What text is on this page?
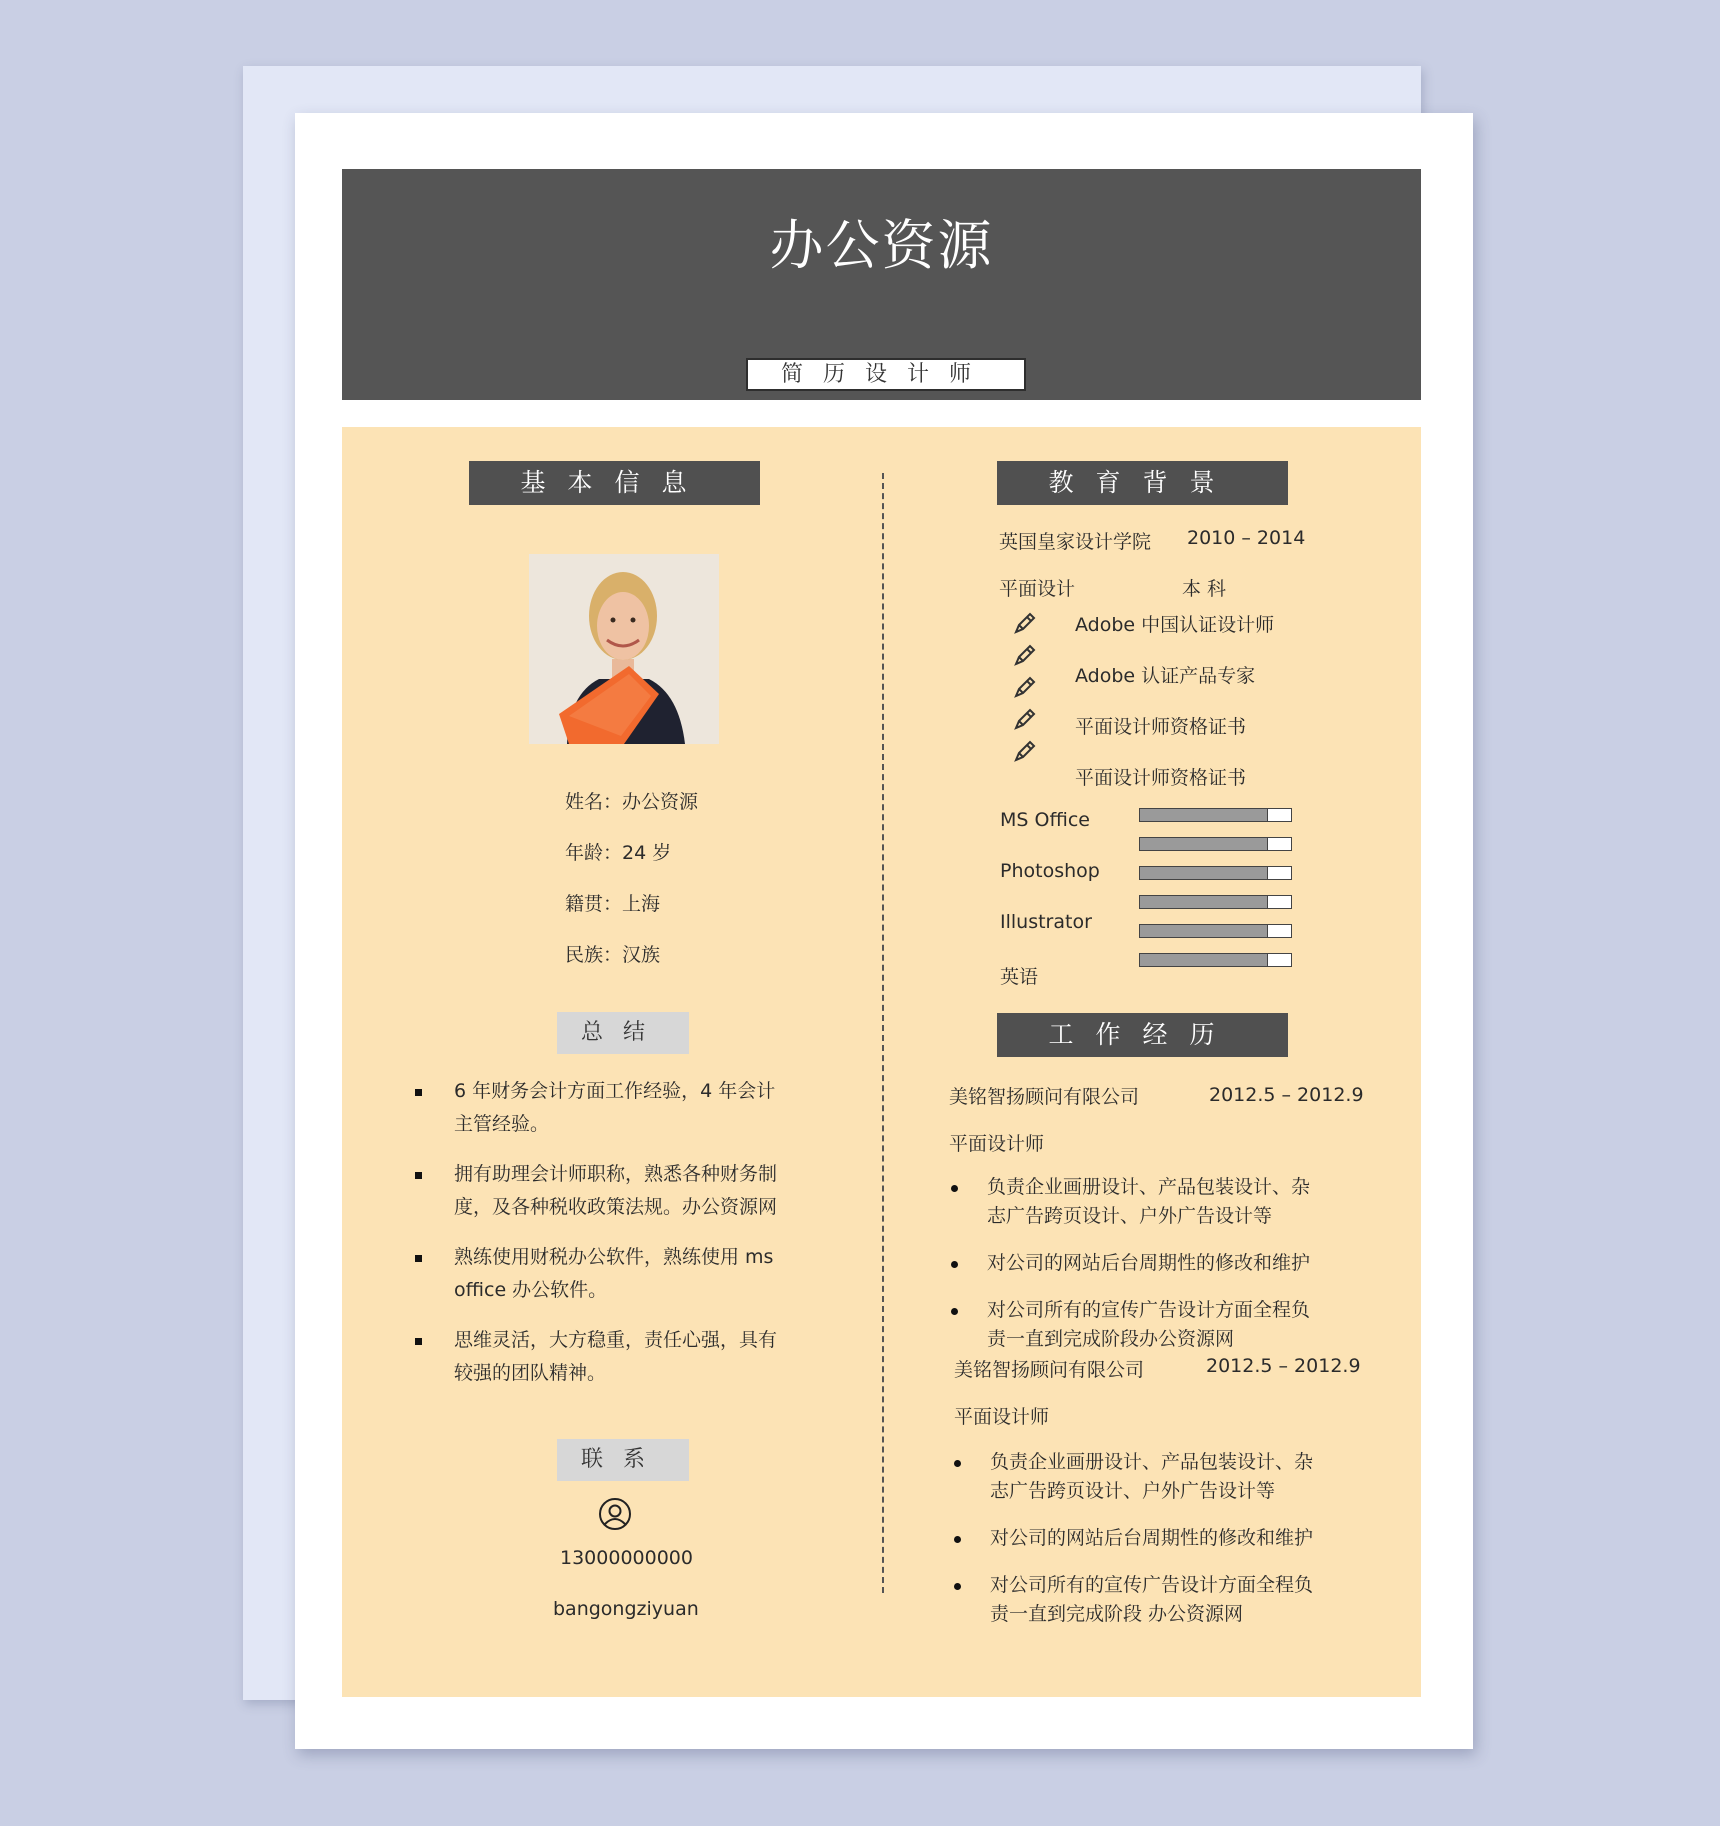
办公资源
简历设计师
基本信息
姓名：办公资源
年龄：24 岁
籍贯：上海
民族：汉族
总结
6 年财务会计方面工作经验，4 年会计主管经验。
拥有助理会计师职称，熟悉各种财务制度，及各种税收政策法规。办公资源网
熟练使用财税办公软件，熟练使用 ms office 办公软件。
思维灵活，大方稳重，责任心强，具有较强的团队精神。
联系
13000000000
bangongziyuan
教育背景
英国皇家设计学院 2010 – 2014
平面设计	本 科
Adobe 中国认证设计师
Adobe 认证产品专家
平面设计师资格证书
平面设计师资格证书
MS Office
Photoshop
Illustrator
英语
工作经历
美铭智扬顾问有限公司	2012.5 – 2012.9
平面设计师
负责企业画册设计、产品包装设计、杂志广告跨页设计、户外广告设计等
对公司的网站后台周期性的修改和维护
对公司所有的宣传广告设计方面全程负责一直到完成阶段办公资源网
美铭智扬顾问有限公司	2012.5 – 2012.9
平面设计师
负责企业画册设计、产品包装设计、杂志广告跨页设计、户外广告设计等
对公司的网站后台周期性的修改和维护
对公司所有的宣传广告设计方面全程负责一直到完成阶段 办公资源网
